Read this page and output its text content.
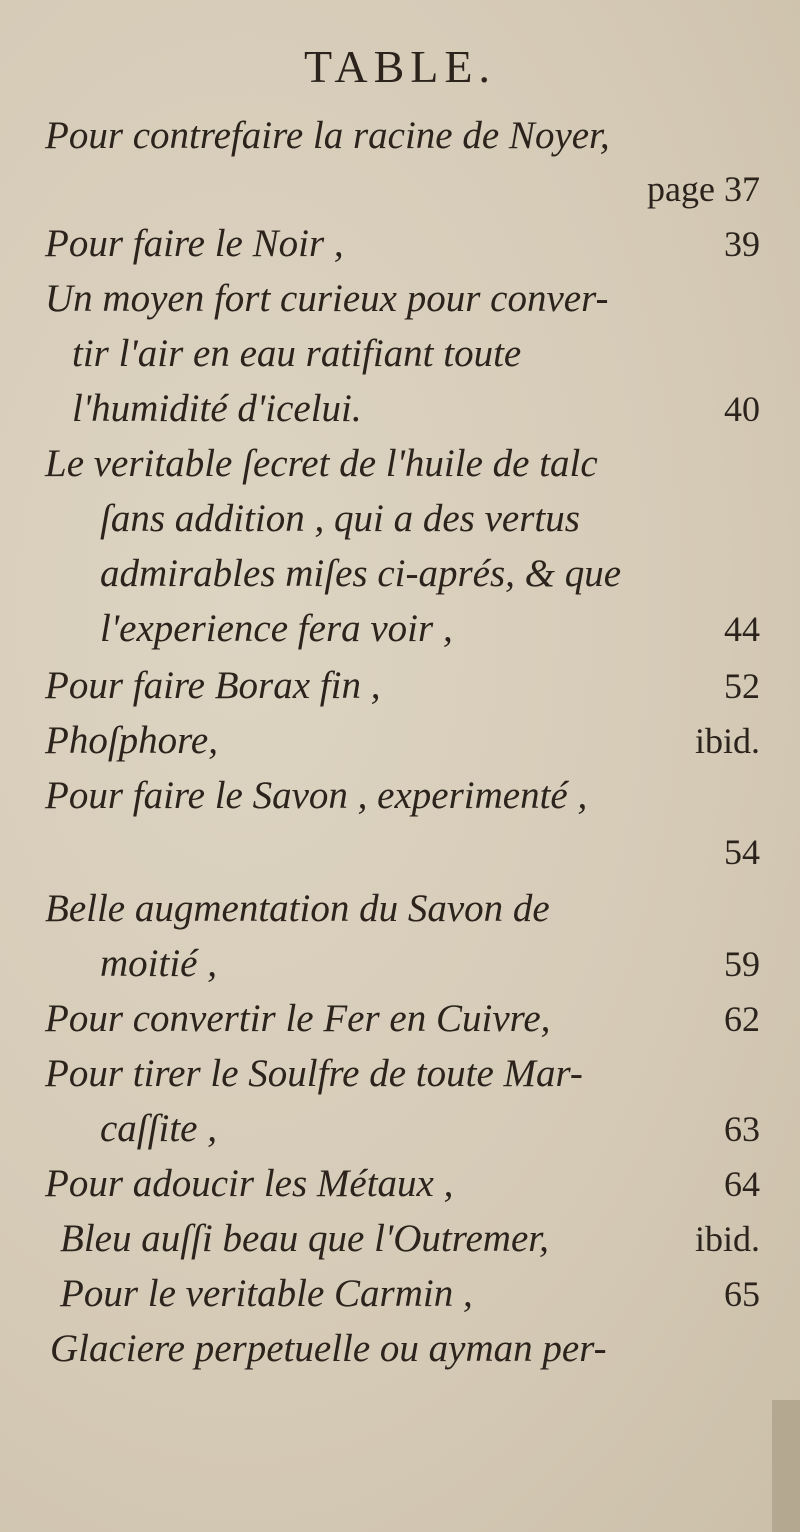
TABLE.
Pour contrefaire la racine de Noyer,
page 37
Pour faire le Noir ,	39
Un moyen fort curieux pour conver-
tir l'air en eau ratifiant toute
l'humidité d'icelui.	40
Le veritable ſecret de l'huile de talc
ſans addition , qui a des vertus
admirables miſes ci-aprés, & que
l'experience fera voir ,	44
Pour faire Borax fin ,	52
Phoſphore,	ibid.
Pour faire le Savon , experimenté ,
54
Belle augmentation du Savon de
moitié ,	59
Pour convertir le Fer en Cuivre,	62
Pour tirer le Soulfre de toute Mar-
caſſite ,	63
Pour adoucir les Métaux ,	64
Bleu auſſi beau que l'Outremer,	ibid.
Pour le veritable Carmin ,	65
Glaciere perpetuelle ou ayman per-
